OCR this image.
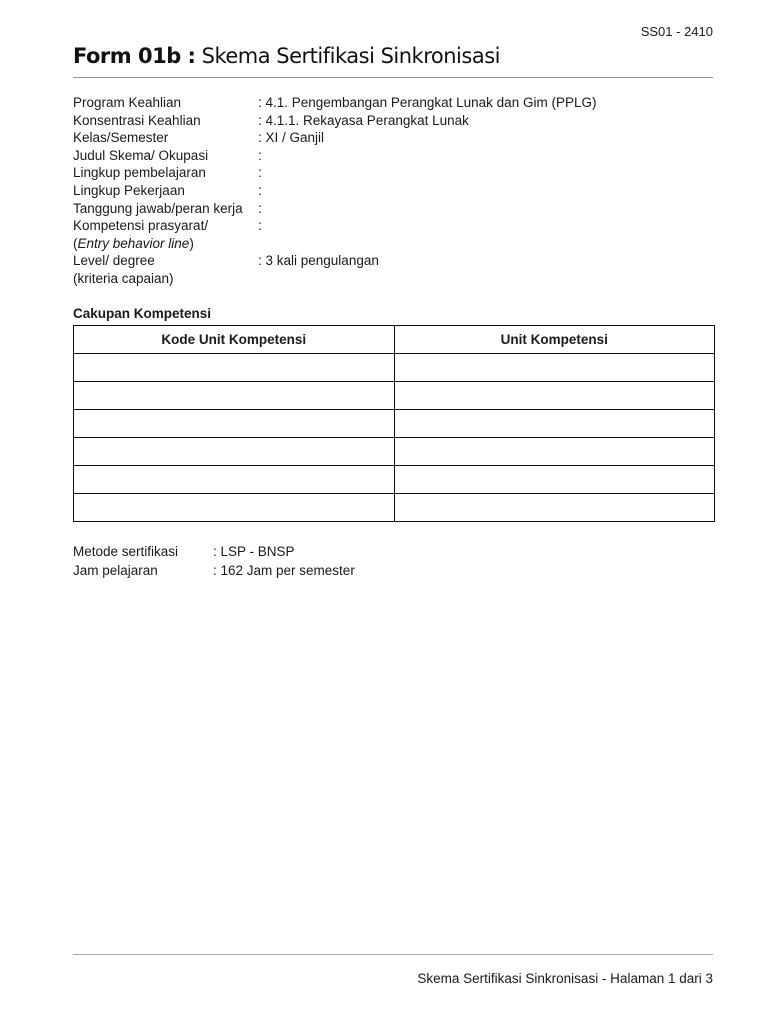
SS01 - 2410
Form 01b : Skema Sertifikasi Sinkronisasi
Program Keahlian	: 4.1. Pengembangan Perangkat Lunak dan Gim (PPLG)
Konsentrasi Keahlian	: 4.1.1. Rekayasa Perangkat Lunak
Kelas/Semester	: XI / Ganjil
Judul Skema/ Okupasi	:
Lingkup pembelajaran	:
Lingkup Pekerjaan	:
Tanggung jawab/peran kerja	:
Kompetensi prasyarat/	:
(Entry behavior line)
Level/ degree	: 3 kali pengulangan
(kriteria capaian)
Cakupan Kompetensi
Kode Unit Kompetensi	Unit Kompetensi

Metode sertifikasi	: LSP - BNSP
Jam pelajaran	: 162 Jam per semester
Skema Sertifikasi Sinkronisasi - Halaman 1 dari 3
